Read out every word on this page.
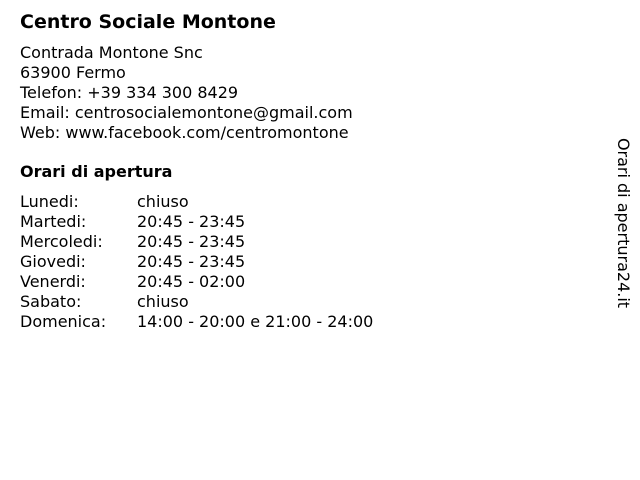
Centro Sociale Montone
Contrada Montone Snc
63900 Fermo
Telefon: +39 334 300 8429
Email: centrosocialemontone@gmail.com
Web: www.facebook.com/centromontone
Orari di apertura
Lunedi:	chiuso
Martedi:	20:45 - 23:45
Mercoledi:	20:45 - 23:45
Giovedi:	20:45 - 23:45
Venerdi:	20:45 - 02:00
Sabato:	chiuso
Domenica:	14:00 - 20:00 e 21:00 - 24:00
Orari di apertura24.it
